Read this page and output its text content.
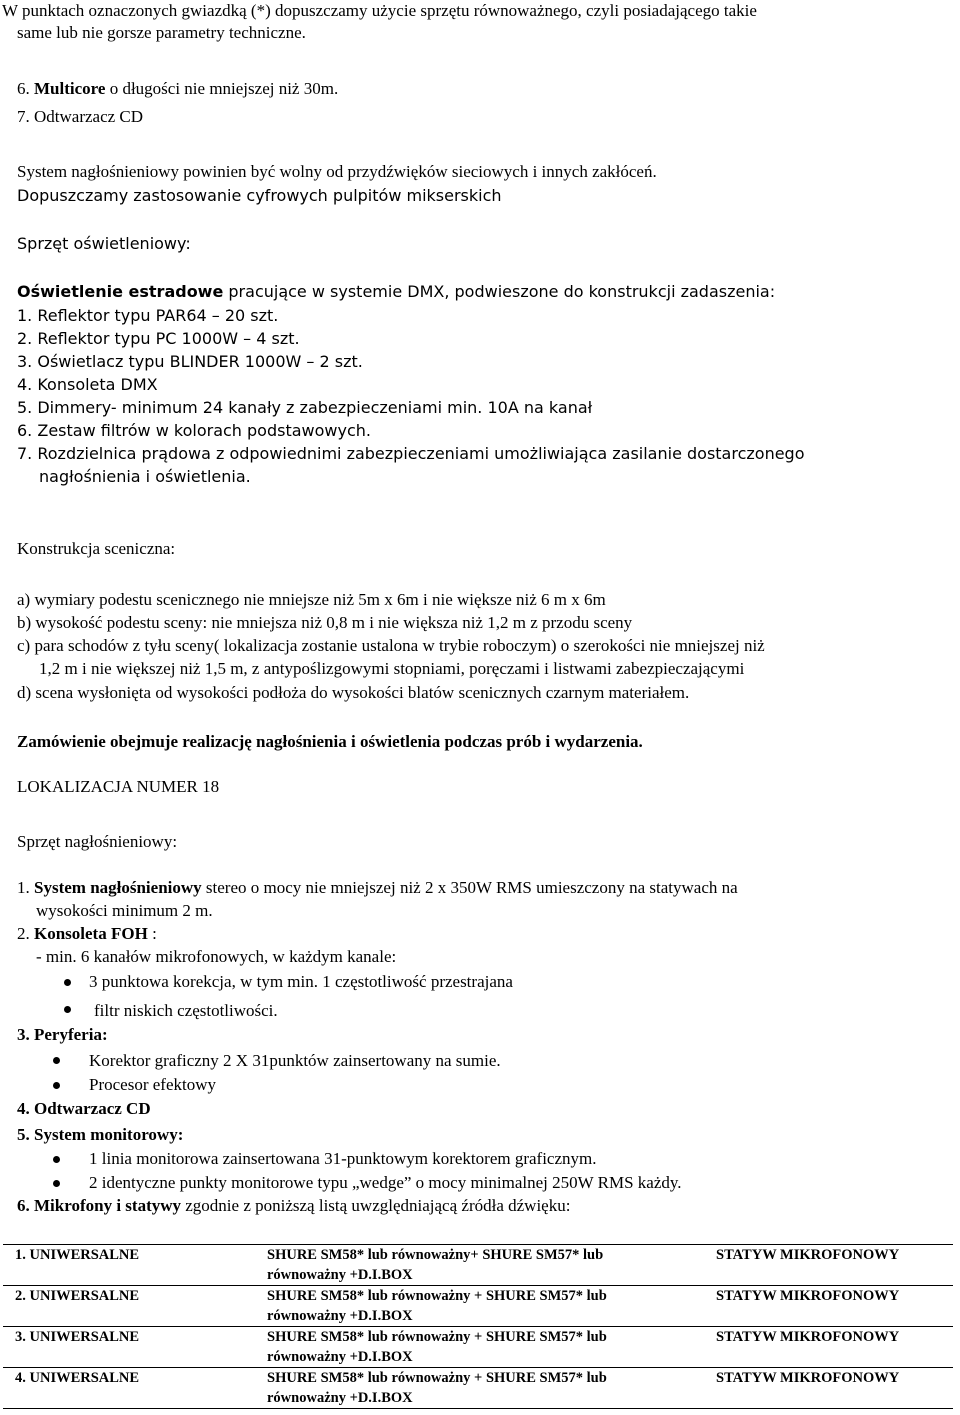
W punktach oznaczonych gwiazdką (*) dopuszczamy użycie sprzętu równoważnego, czyli posiadającego takie
same lub nie gorsze parametry techniczne.
6. Multicore o długości nie mniejszej niż 30m.
7. Odtwarzacz CD
System nagłośnieniowy powinien być wolny od przydźwięków sieciowych i innych zakłóceń.
Dopuszczamy zastosowanie cyfrowych pulpitów mikserskich
Sprzęt oświetleniowy:
Oświetlenie estradowe pracujące w systemie DMX, podwieszone do konstrukcji zadaszenia:
1. Reflektor typu PAR64 – 20 szt.
2. Reflektor typu PC 1000W – 4 szt.
3. Oświetlacz typu BLINDER 1000W – 2 szt.
4. Konsoleta DMX
5. Dimmery- minimum 24 kanały z zabezpieczeniami min. 10A na kanał
6. Zestaw filtrów w kolorach podstawowych.
7. Rozdzielnica prądowa z odpowiednimi zabezpieczeniami umożliwiająca zasilanie dostarczonego
nagłośnienia i oświetlenia.
Konstrukcja sceniczna:
a) wymiary podestu scenicznego nie mniejsze niż 5m x 6m i nie większe niż 6 m x 6m
b) wysokość podestu sceny: nie mniejsza niż 0,8 m i nie większa niż 1,2 m z przodu sceny
c) para schodów z tyłu sceny( lokalizacja zostanie ustalona w trybie roboczym) o szerokości nie mniejszej niż
1,2 m i nie większej niż 1,5 m, z antypoślizgowymi stopniami, poręczami i listwami zabezpieczającymi
d) scena wysłonięta od wysokości podłoża do wysokości blatów scenicznych czarnym materiałem.
Zamówienie obejmuje realizację nagłośnienia i oświetlenia podczas prób i wydarzenia.
LOKALIZACJA NUMER 18
Sprzęt nagłośnieniowy:
1. System nagłośnieniowy stereo o mocy nie mniejszej niż 2 x 350W RMS umieszczony na statywach na
wysokości minimum 2 m.
2. Konsoleta FOH :
- min. 6 kanałów mikrofonowych, w każdym kanale:
3 punktowa korekcja, w tym min. 1 częstotliwość przestrajana
filtr niskich częstotliwości.
3. Peryferia:
Korektor graficzny 2 X 31punktów zainsertowany na sumie.
Procesor efektowy
4. Odtwarzacz CD
5. System monitorowy:
1 linia monitorowa zainsertowana 31-punktowym korektorem graficznym.
2 identyczne punkty monitorowe typu „wedge” o mocy minimalnej 250W RMS każdy.
6. Mikrofony i statywy zgodnie z poniższą listą uwzględniającą źródła dźwięku:
1. UNIWERSALNE	SHURE SM58* lub równoważny+ SHURE SM57* lub
równoważny +D.I.BOX	STATYW MIKROFONOWY
2. UNIWERSALNE	SHURE SM58* lub równoważny + SHURE SM57* lub
równoważny +D.I.BOX	STATYW MIKROFONOWY
3. UNIWERSALNE	SHURE SM58* lub równoważny + SHURE SM57* lub
równoważny +D.I.BOX	STATYW MIKROFONOWY
4. UNIWERSALNE	SHURE SM58* lub równoważny + SHURE SM57* lub
równoważny +D.I.BOX	STATYW MIKROFONOWY
